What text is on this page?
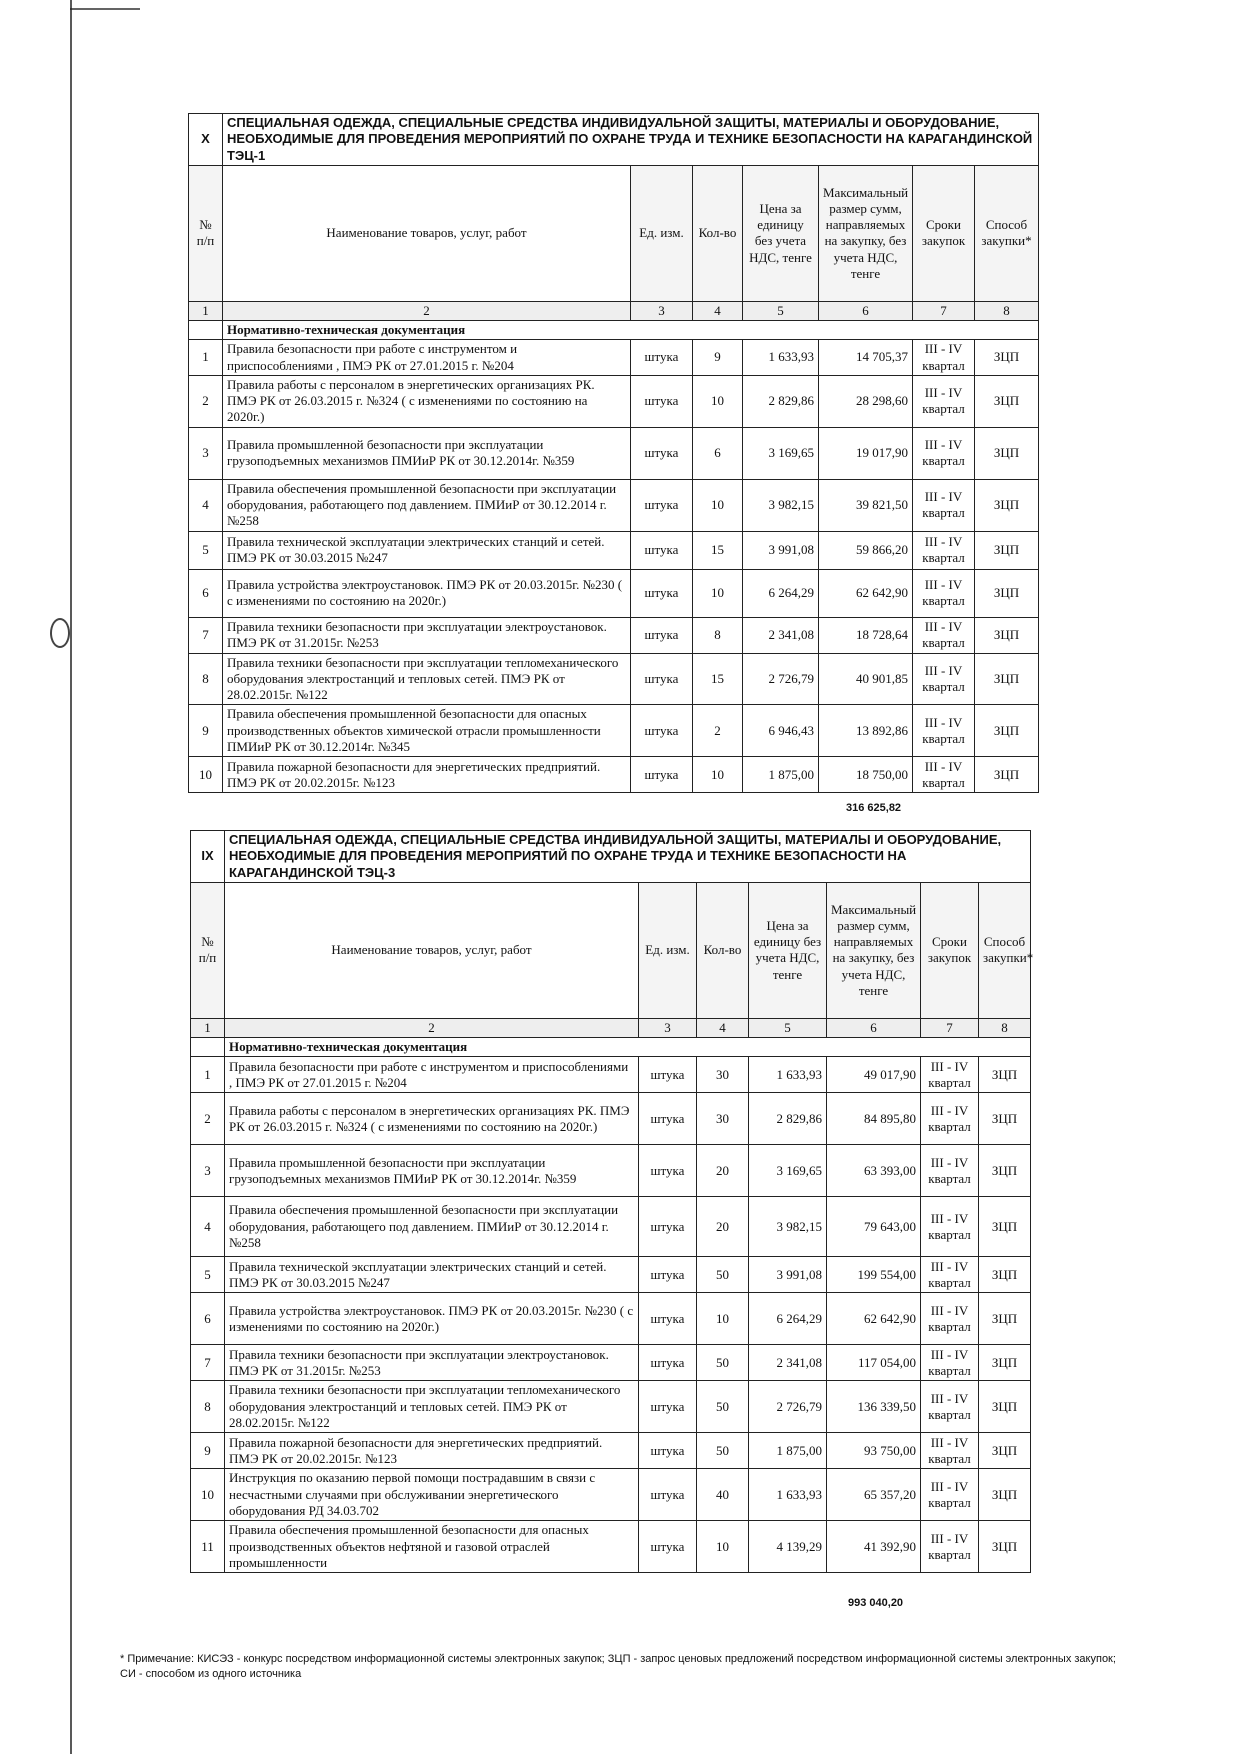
X	СПЕЦИАЛЬНАЯ ОДЕЖДА, СПЕЦИАЛЬНЫЕ СРЕДСТВА ИНДИВИДУАЛЬНОЙ ЗАЩИТЫ, МАТЕРИАЛЫ И ОБОРУДОВАНИЕ, НЕОБХОДИМЫЕ ДЛЯ ПРОВЕДЕНИЯ МЕРОПРИЯТИЙ ПО ОХРАНЕ ТРУДА И ТЕХНИКЕ БЕЗОПАСНОСТИ НА КАРАГАНДИНСКОЙ ТЭЦ-1						
№ п/п	Наименование товаров, услуг, работ	Ед. изм.	Кол-во	Цена за единицу без учета НДС, тенге	Максимальный размер сумм, направляемых на закупку, без учета НДС, тенге	Сроки закупок	Способ закупки*
1	2	3	4	5	6	7	8
	Нормативно-техническая документация						
1	Правила безопасности при работе с инструментом и приспособлениями , ПМЭ РК от 27.01.2015 г. №204	штука	9	1 633,93	14 705,37	III - IV квартал	ЗЦП
2	Правила работы с персоналом в энергетических организациях РК. ПМЭ РК от 26.03.2015 г. №324 ( с изменениями по состоянию на 2020г.)	штука	10	2 829,86	28 298,60	III - IV квартал	ЗЦП
3	Правила промышленной безопасности при эксплуатации грузоподъемных механизмов ПМИиР РК от 30.12.2014г. №359	штука	6	3 169,65	19 017,90	III - IV квартал	ЗЦП
4	Правила обеспечения промышленной безопасности при эксплуатации оборудования, работающего под давлением. ПМИиР от 30.12.2014 г. №258	штука	10	3 982,15	39 821,50	III - IV квартал	ЗЦП
5	Правила технической эксплуатации электрических станций и сетей. ПМЭ РК от 30.03.2015 №247	штука	15	3 991,08	59 866,20	III - IV квартал	ЗЦП
6	Правила устройства электроустановок. ПМЭ РК от 20.03.2015г. №230 ( с изменениями по состоянию на 2020г.)	штука	10	6 264,29	62 642,90	III - IV квартал	ЗЦП
7	Правила техники безопасности при эксплуатации электроустановок. ПМЭ РК от 31.2015г. №253	штука	8	2 341,08	18 728,64	III - IV квартал	ЗЦП
8	Правила техники безопасности при эксплуатации тепломеханического оборудования электростанций и тепловых сетей. ПМЭ РК от 28.02.2015г. №122	штука	15	2 726,79	40 901,85	III - IV квартал	ЗЦП
9	Правила обеспечения промышленной безопасности для опасных производственных объектов химической отрасли промышленности ПМИиР РК от 30.12.2014г. №345	штука	2	6 946,43	13 892,86	III - IV квартал	ЗЦП
10	Правила пожарной безопасности для энергетических предприятий. ПМЭ РК от 20.02.2015г. №123	штука	10	1 875,00	18 750,00	III - IV квартал	ЗЦП
316 625,82
IX	СПЕЦИАЛЬНАЯ ОДЕЖДА, СПЕЦИАЛЬНЫЕ СРЕДСТВА ИНДИВИДУАЛЬНОЙ ЗАЩИТЫ, МАТЕРИАЛЫ И ОБОРУДОВАНИЕ, НЕОБХОДИМЫЕ ДЛЯ ПРОВЕДЕНИЯ МЕРОПРИЯТИЙ ПО ОХРАНЕ ТРУДА И ТЕХНИКЕ БЕЗОПАСНОСТИ НА КАРАГАНДИНСКОЙ ТЭЦ-3						
№ п/п	Наименование товаров, услуг, работ	Ед. изм.	Кол-во	Цена за единицу без учета НДС, тенге	Максимальный размер сумм, направляемых на закупку, без учета НДС, тенге	Сроки закупок	Способ закупки*
1	2	3	4	5	6	7	8
	Нормативно-техническая документация						
1	Правила безопасности при работе с инструментом и приспособлениями , ПМЭ РК от 27.01.2015 г. №204	штука	30	1 633,93	49 017,90	III - IV квартал	ЗЦП
2	Правила работы с персоналом в энергетических организациях РК. ПМЭ РК от 26.03.2015 г. №324 ( с изменениями по состоянию на 2020г.)	штука	30	2 829,86	84 895,80	III - IV квартал	ЗЦП
3	Правила промышленной безопасности при эксплуатации грузоподъемных механизмов ПМИиР РК от 30.12.2014г. №359	штука	20	3 169,65	63 393,00	III - IV квартал	ЗЦП
4	Правила обеспечения промышленной безопасности при эксплуатации оборудования, работающего под давлением. ПМИиР от 30.12.2014 г. №258	штука	20	3 982,15	79 643,00	III - IV квартал	ЗЦП
5	Правила технической эксплуатации электрических станций и сетей. ПМЭ РК от 30.03.2015 №247	штука	50	3 991,08	199 554,00	III - IV квартал	ЗЦП
6	Правила устройства электроустановок. ПМЭ РК от 20.03.2015г. №230 ( с изменениями по состоянию на 2020г.)	штука	10	6 264,29	62 642,90	III - IV квартал	ЗЦП
7	Правила техники безопасности при эксплуатации электроустановок. ПМЭ РК от 31.2015г. №253	штука	50	2 341,08	117 054,00	III - IV квартал	ЗЦП
8	Правила техники безопасности при эксплуатации тепломеханического оборудования электростанций и тепловых сетей. ПМЭ РК от 28.02.2015г. №122	штука	50	2 726,79	136 339,50	III - IV квартал	ЗЦП
9	Правила пожарной безопасности для энергетических предприятий. ПМЭ РК от 20.02.2015г. №123	штука	50	1 875,00	93 750,00	III - IV квартал	ЗЦП
10	Инструкция по оказанию первой помощи пострадавшим в связи с несчастными случаями при обслуживании энергетического оборудования РД 34.03.702	штука	40	1 633,93	65 357,20	III - IV квартал	ЗЦП
11	Правила обеспечения промышленной безопасности для опасных производственных объектов нефтяной и газовой отраслей промышленности	штука	10	4 139,29	41 392,90	III - IV квартал	ЗЦП
993 040,20
* Примечание: КИСЭЗ - конкурс посредством информационной системы электронных закупок; ЗЦП - запрос ценовых предложений посредством информационной системы электронных закупок; СИ - способом из одного источника
